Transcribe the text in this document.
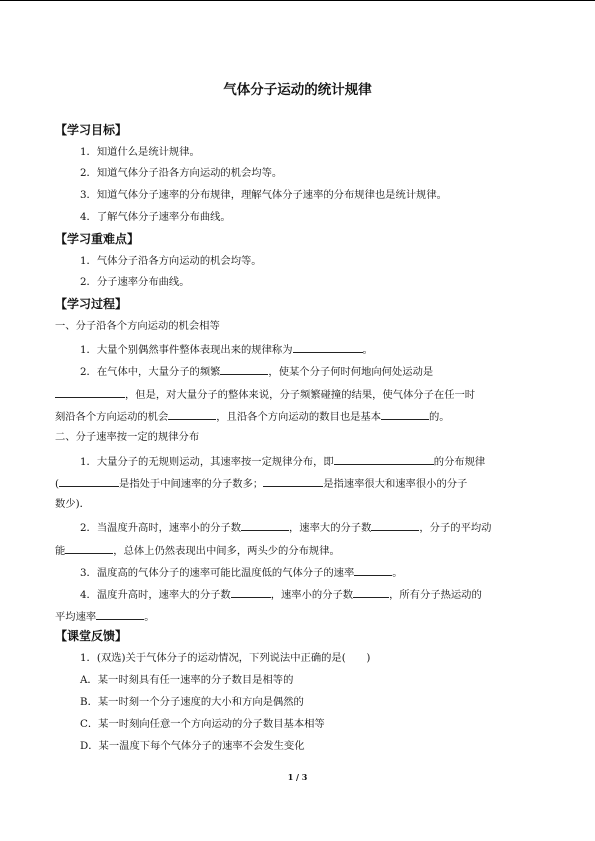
气体分子运动的统计规律
【学习目标】
1．知道什么是统计规律。
2．知道气体分子沿各方向运动的机会均等。
3．知道气体分子速率的分布规律，理解气体分子速率的分布规律也是统计规律。
4．了解气体分子速率分布曲线。
【学习重难点】
1．气体分子沿各方向运动的机会均等。
2．分子速率分布曲线。
【学习过程】
一、分子沿各个方向运动的机会相等
1．大量个别偶然事件整体表现出来的规律称为	。
2．在气体中，大量分子的频繁	，使某个分子何时何地向何处运动是
，但是，对大量分子的整体来说，分子频繁碰撞的结果，使气体分子在任一时
刻沿各个方向运动的机会	，且沿各个方向运动的数目也是基本	的。
二、分子速率按一定的规律分布
1．大量分子的无规则运动，其速率按一定规律分布，即	的分布规律
(	是指处于中间速率的分子数多；	是指速率很大和速率很小的分子
数少)．
2．当温度升高时，速率小的分子数	，速率大的分子数	，分子的平均动
能	，总体上仍然表现出中间多，两头少的分布规律。
3．温度高的气体分子的速率可能比温度低的气体分子的速率	。
4．温度升高时，速率大的分子数	，速率小的分子数	，所有分子热运动的
平均速率	。
【课堂反馈】
1．(双选)关于气体分子的运动情况，下列说法中正确的是(　　)
A．某一时刻具有任一速率的分子数目是相等的
B．某一时刻一个分子速度的大小和方向是偶然的
C．某一时刻向任意一个方向运动的分子数目基本相等
D．某一温度下每个气体分子的速率不会发生变化
1 / 3
